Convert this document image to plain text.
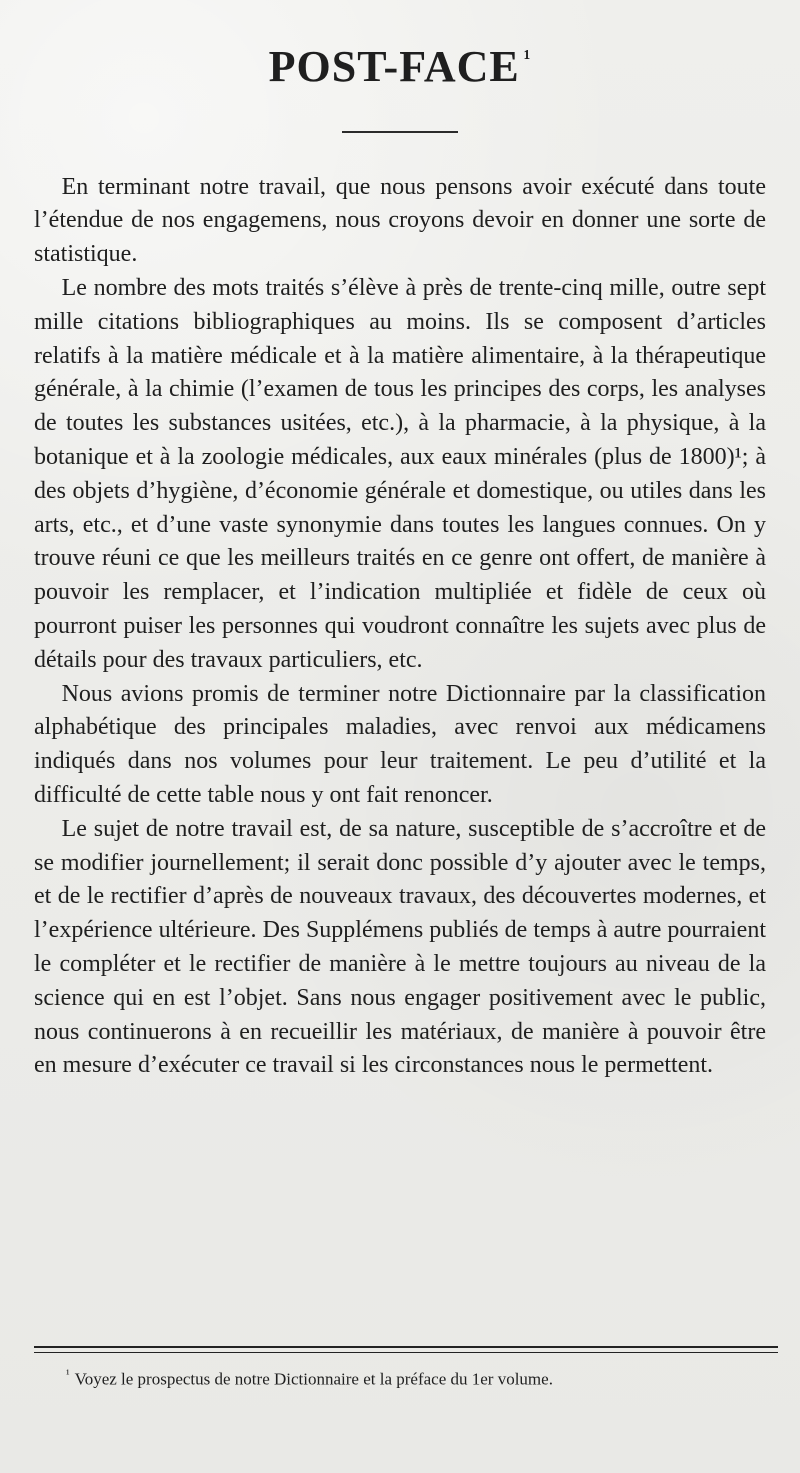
POST-FACE $^{^1}$

En terminant notre travail, que nous pensons avoir exécuté dans toute l’étendue de nos engagemens, nous croyons devoir en donner une sorte de statistique.

Le nombre des mots traités s’élève à près de trente-cinq mille, outre sept mille citations bibliographiques au moins. Ils se composent d’articles relatifs à la matière médicale et à la matière alimentaire, à la thérapeutique générale, à la chimie (l’examen de tous les principes des corps, les analyses de toutes les substances usitées, etc.), à la pharmacie, à la physique, à la botanique et à la zoologie médicales, aux eaux minérales (plus de 1800)¹; à des objets d’hygiène, d’économie générale et domestique, ou utiles dans les arts, etc., et d’une vaste synonymie dans toutes les langues connues. On y trouve réuni ce que les meilleurs traités en ce genre ont offert, de manière à pouvoir les remplacer, et l’indication multipliée et fidèle de ceux où pourront puiser les personnes qui voudront connaître les sujets avec plus de détails pour des travaux particuliers, etc.

Nous avions promis de terminer notre Dictionnaire par la classification alphabétique des principales maladies, avec renvoi aux médicamens indiqués dans nos volumes pour leur traitement. Le peu d’utilité et la difficulté de cette table nous y ont fait renoncer.

Le sujet de notre travail est, de sa nature, susceptible de s’accroître et de se modifier journellement; il serait donc possible d’y ajouter avec le temps, et de le rectifier d’après de nouveaux travaux, des découvertes modernes, et l’expérience ultérieure. Des Supplémens publiés de temps à autre pourraient le compléter et le rectifier de manière à le mettre toujours au niveau de la science qui en est l’objet. Sans nous engager positivement avec le public, nous continuerons à en recueillir les matériaux, de manière à pouvoir être en mesure d’exécuter ce travail si les circonstances nous le permettent.

$^{^1}$ Voyez le prospectus de notre Dictionnaire et la préface du 1er volume.
